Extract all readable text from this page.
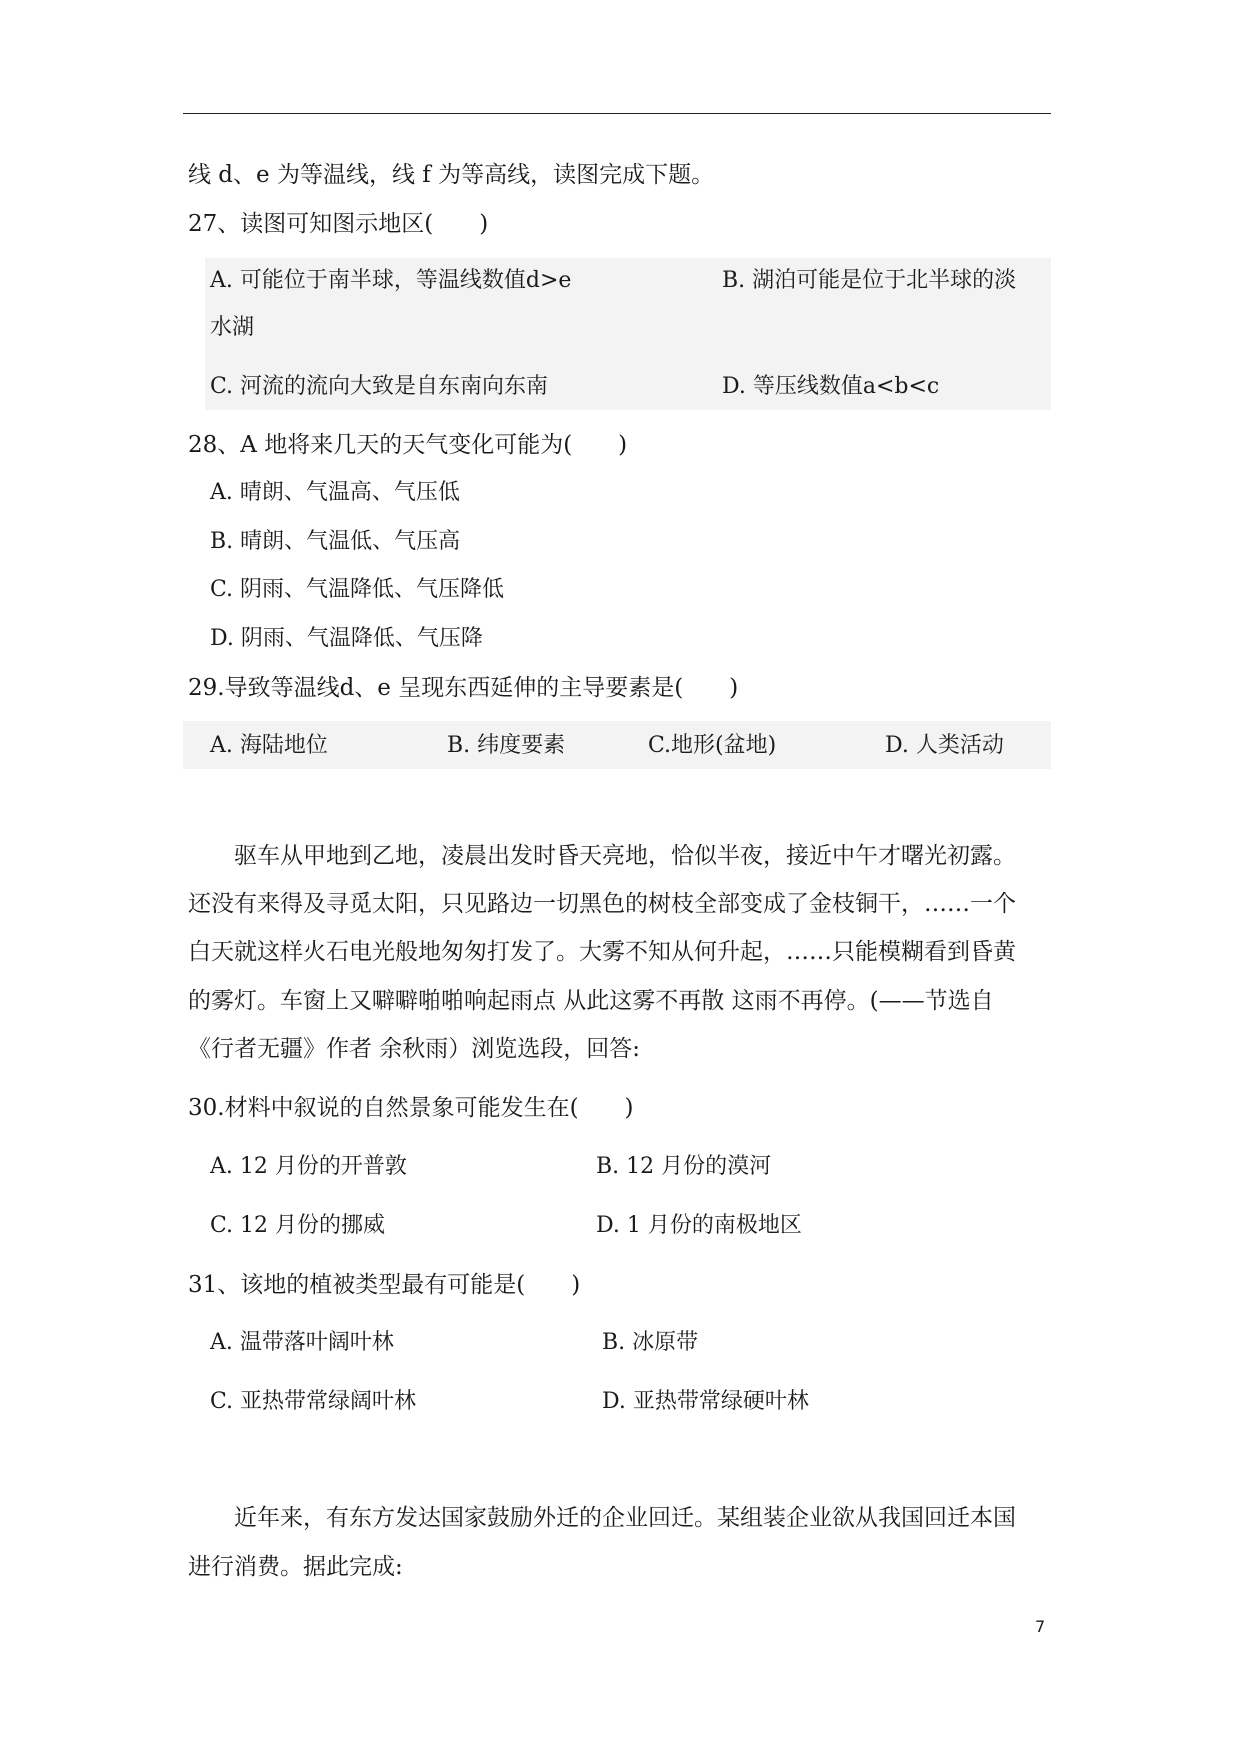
线 d、e 为等温线，线 f 为等高线，读图完成下题。
27、读图可知图示地区(　　)
A. 可能位于南半球，等温线数值d>e	B. 湖泊可能是位于北半球的淡
水湖
C. 河流的流向大致是自东南向东南	D. 等压线数值a<b<c
28、A 地将来几天的天气变化可能为(　　)
A. 晴朗、气温高、气压低
B. 晴朗、气温低、气压高
C. 阴雨、气温降低、气压降低
D. 阴雨、气温降低、气压降
29.导致等温线d、e 呈现东西延伸的主导要素是(　　)
A. 海陆地位	B. 纬度要素	C.地形(盆地)	D. 人类活动
驱车从甲地到乙地，凌晨出发时昏天亮地，恰似半夜，接近中午才曙光初露。
还没有来得及寻觅太阳，只见路边一切黑色的树枝全部变成了金枝铜干，……一个
白天就这样火石电光般地匆匆打发了。大雾不知从何升起，……只能模糊看到昏黄
的雾灯。车窗上又噼噼啪啪响起雨点 从此这雾不再散 这雨不再停。(——节选自
《行者无疆》作者 余秋雨）浏览选段，回答:
30.材料中叙说的自然景象可能发生在(　　)
A. 12 月份的开普敦	B. 12 月份的漠河
C. 12 月份的挪威	D. 1 月份的南极地区
31、该地的植被类型最有可能是(　　)
A. 温带落叶阔叶林	B. 冰原带
C. 亚热带常绿阔叶林	D. 亚热带常绿硬叶林
近年来，有东方发达国家鼓励外迁的企业回迁。某组装企业欲从我国回迁本国
进行消费。据此完成:
7
